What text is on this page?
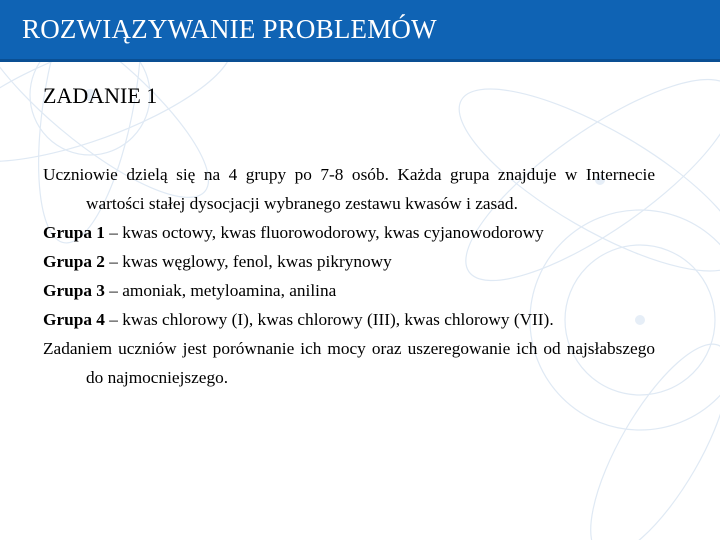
ROZWIĄZYWANIE PROBLEMÓW
ZADANIE 1

Uczniowie dzielą się na 4 grupy po 7-8 osób. Każda grupa znajduje w Internecie wartości stałej dysocjacji wybranego zestawu kwasów i zasad.

Grupa 1 – kwas octowy, kwas fluorowodorowy, kwas cyjanowodorowy

Grupa 2 – kwas węglowy, fenol, kwas pikrynowy

Grupa 3 – amoniak, metyloamina, anilina

Grupa 4 – kwas chlorowy (I), kwas chlorowy (III), kwas chlorowy (VII).

Zadaniem uczniów jest porównanie ich mocy oraz uszeregowanie ich od najsłabszego do najmocniejszego.
